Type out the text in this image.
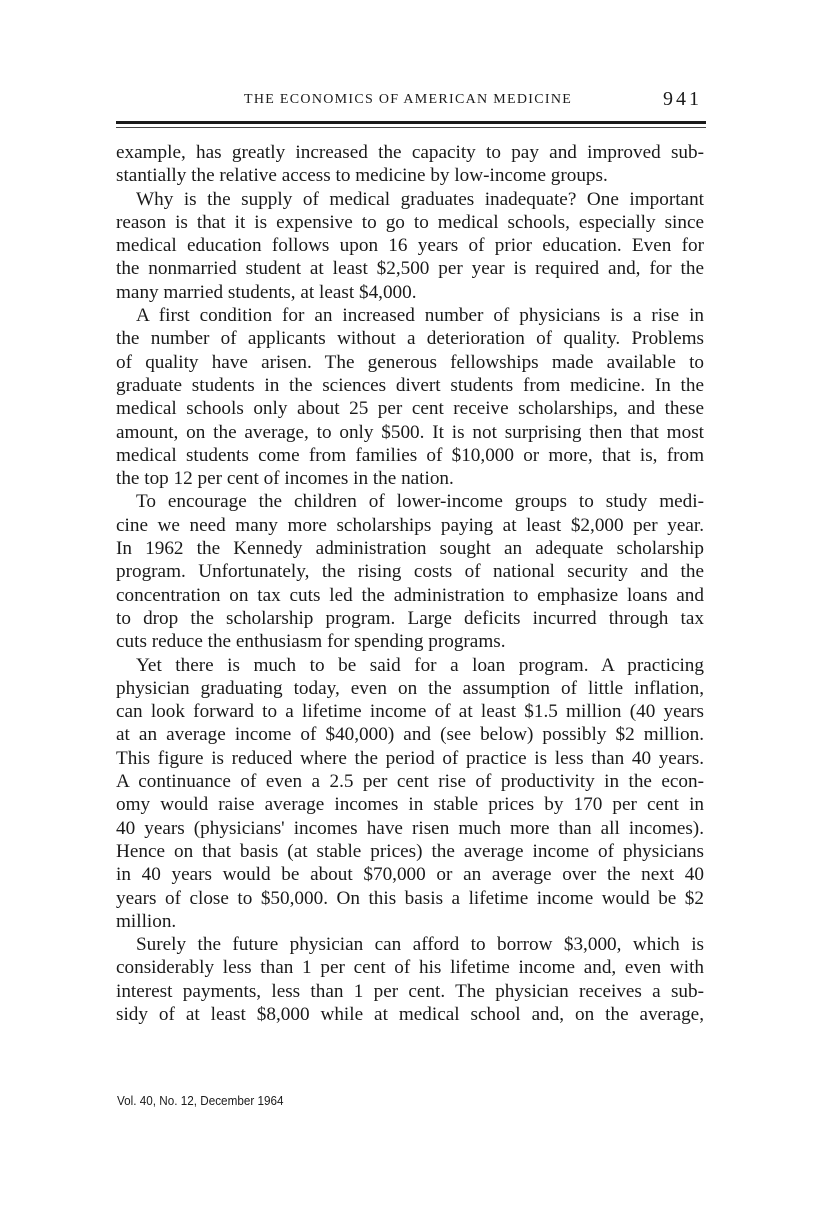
THE ECONOMICS OF AMERICAN MEDICINE	941
example, has greatly increased the capacity to pay and improved sub-
stantially the relative access to medicine by low-income groups.
Why is the supply of medical graduates inadequate? One important
reason is that it is expensive to go to medical schools, especially since
medical education follows upon 16 years of prior education. Even for
the nonmarried student at least $2,500 per year is required and, for the
many married students, at least $4,000.
A first condition for an increased number of physicians is a rise in
the number of applicants without a deterioration of quality. Problems
of quality have arisen. The generous fellowships made available to
graduate students in the sciences divert students from medicine. In the
medical schools only about 25 per cent receive scholarships, and these
amount, on the average, to only $500. It is not surprising then that most
medical students come from families of $10,000 or more, that is, from
the top 12 per cent of incomes in the nation.
To encourage the children of lower-income groups to study medi-
cine we need many more scholarships paying at least $2,000 per year.
In 1962 the Kennedy administration sought an adequate scholarship
program. Unfortunately, the rising costs of national security and the
concentration on tax cuts led the administration to emphasize loans and
to drop the scholarship program. Large deficits incurred through tax
cuts reduce the enthusiasm for spending programs.
Yet there is much to be said for a loan program. A practicing
physician graduating today, even on the assumption of little inflation,
can look forward to a lifetime income of at least $1.5 million (40 years
at an average income of $40,000) and (see below) possibly $2 million.
This figure is reduced where the period of practice is less than 40 years.
A continuance of even a 2.5 per cent rise of productivity in the econ-
omy would raise average incomes in stable prices by 170 per cent in
40 years (physicians' incomes have risen much more than all incomes).
Hence on that basis (at stable prices) the average income of physicians
in 40 years would be about $70,000 or an average over the next 40
years of close to $50,000. On this basis a lifetime income would be $2
million.
Surely the future physician can afford to borrow $3,000, which is
considerably less than 1 per cent of his lifetime income and, even with
interest payments, less than 1 per cent. The physician receives a sub-
sidy of at least $8,000 while at medical school and, on the average,
Vol. 40, No. 12, December 1964
